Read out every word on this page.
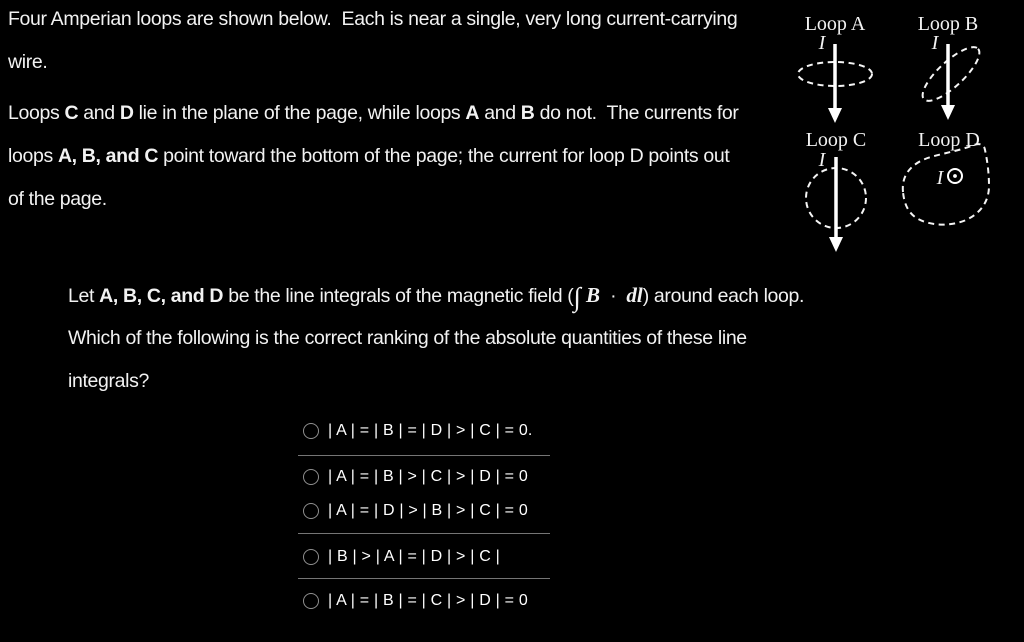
Four Amperian loops are shown below.  Each is near a single, very long current-carrying
wire.
Loops C and D lie in the plane of the page, while loops A and B do not.  The currents for
loops A, B, and C point toward the bottom of the page; the current for loop D points out
of the page.
Let A, B, C, and D be the line integrals of the magnetic field (∫ B  ·  dl) around each loop.
Which of the following is the correct ranking of the absolute quantities of these line
integrals?
| A | = | B | = | D | > | C | = 0.
| A | = | B | > | C | > | D | = 0
| A | = | D | > | B | > | C | = 0
| B | > | A | = | D | > | C |
| A | = | B | = | C | > | D | = 0
Loop A
I
Loop B
I
Loop C
I
Loop D
I
